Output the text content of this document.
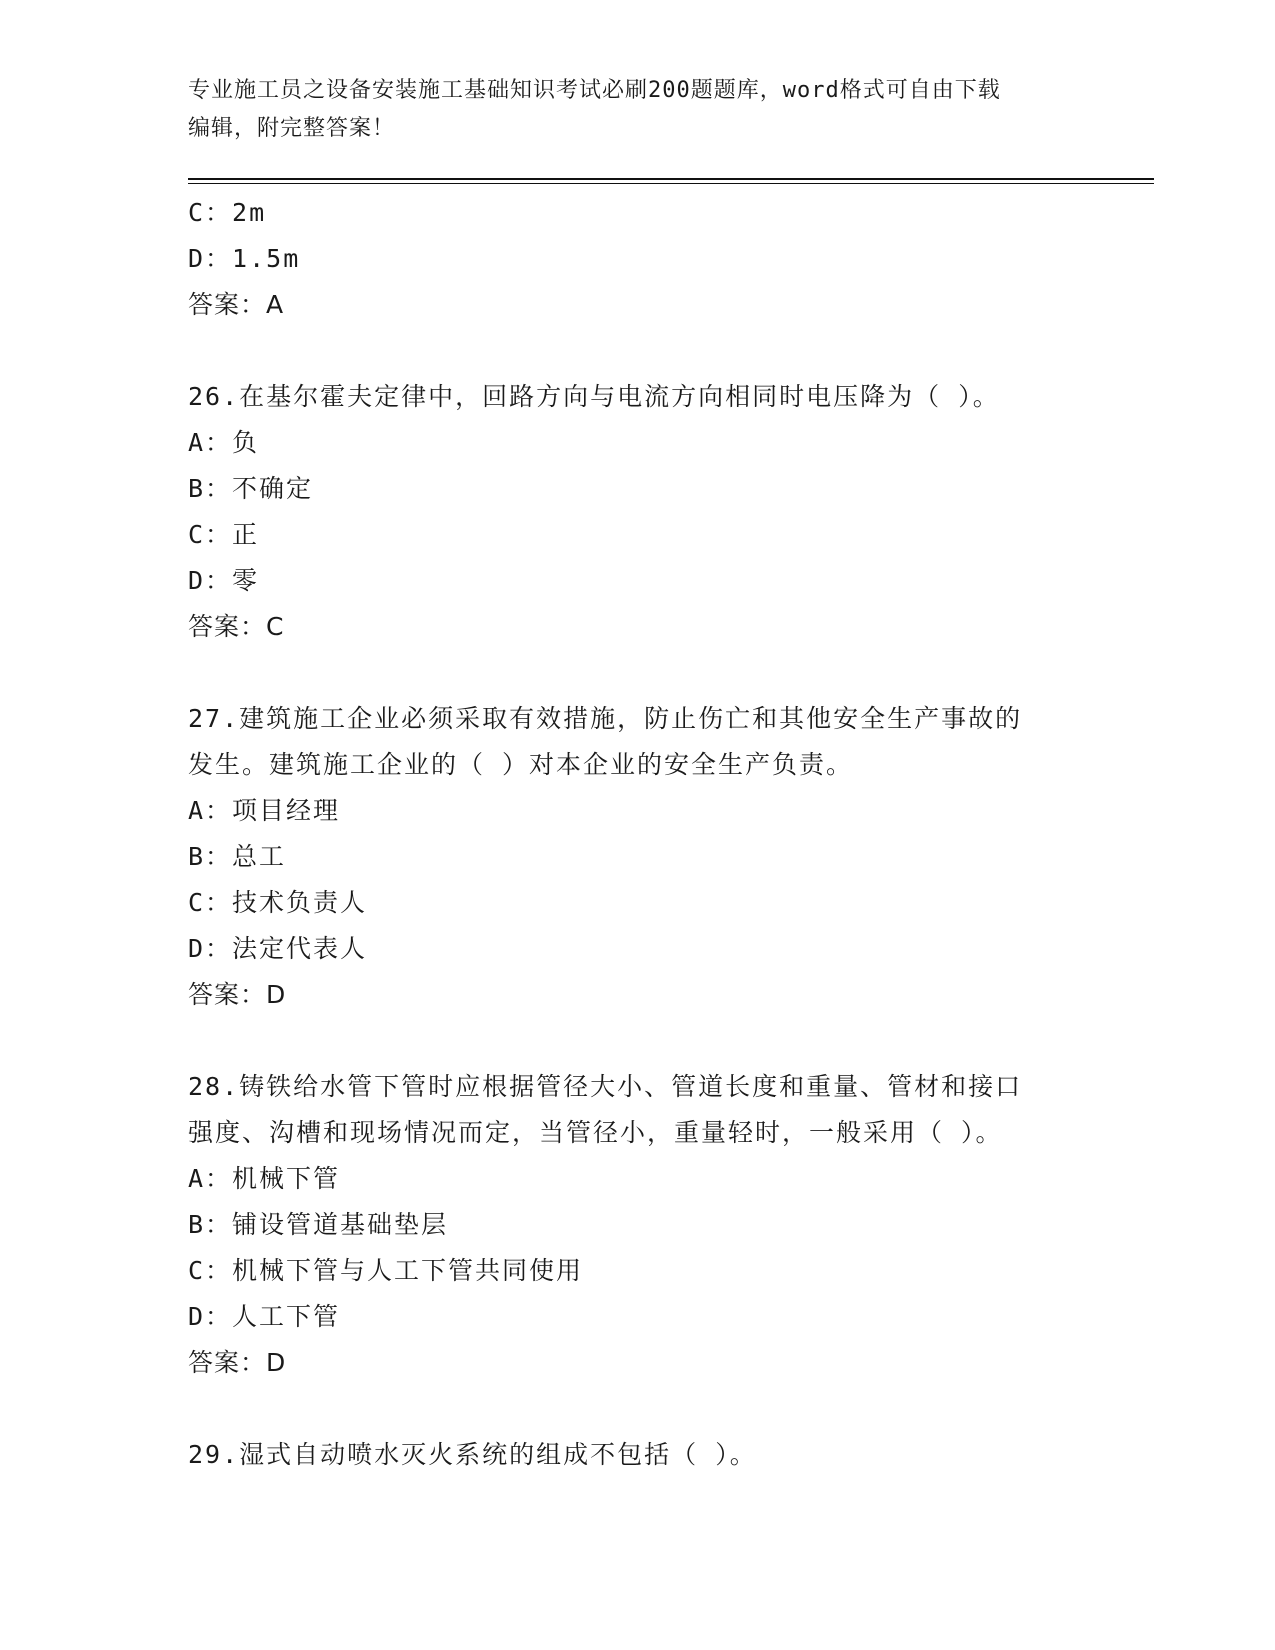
专业施工员之设备安装施工基础知识考试必刷200题题库，word格式可自由下载
编辑，附完整答案！
C：2m
D：1.5m
答案：A
26.在基尔霍夫定律中，回路方向与电流方向相同时电压降为（ ）。
A：负
B：不确定
C：正
D：零
答案：C
27.建筑施工企业必须采取有效措施，防止伤亡和其他安全生产事故的
发生。建筑施工企业的（ ）对本企业的安全生产负责。
A：项目经理
B：总工
C：技术负责人
D：法定代表人
答案：D
28.铸铁给水管下管时应根据管径大小、管道长度和重量、管材和接口
强度、沟槽和现场情况而定，当管径小，重量轻时，一般采用（ ）。
A：机械下管
B：铺设管道基础垫层
C：机械下管与人工下管共同使用
D：人工下管
答案：D
29.湿式自动喷水灭火系统的组成不包括（ ）。
